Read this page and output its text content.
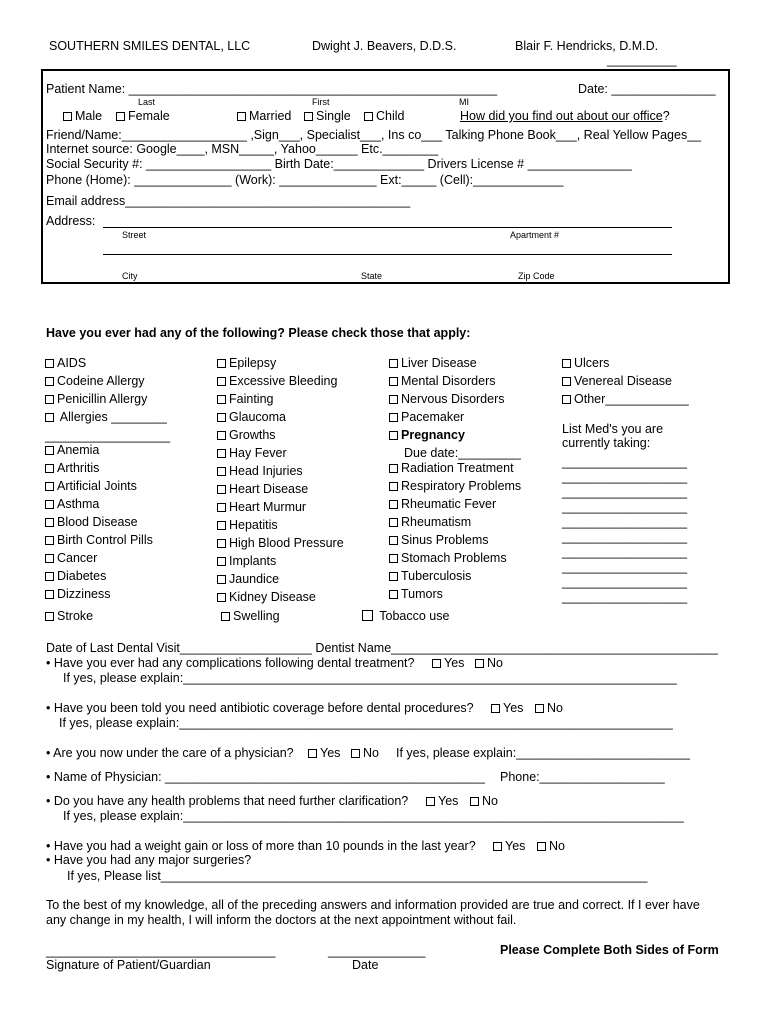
SOUTHERN SMILES DENTAL, LLC	Dwight J. Beavers, D.D.S.	Blair F. Hendricks, D.M.D.
__________
Patient Name: _____________________________________________________	Date: _______________
Last	First	MI
Male	Female	Married	Single	Child	How did you find out about our office?
Friend/Name:__________________ ,Sign___, Specialist___, Ins co___ Talking Phone Book___, Real Yellow Pages__
Internet source: Google____, MSN_____, Yahoo______ Etc.________
Social Security #: __________________ Birth Date:_____________ Drivers License # _______________
Phone (Home): ______________ (Work): ______________ Ext:_____ (Cell):_____________
Email address_________________________________________
Address:
Street	Apartment #
City	State	Zip Code
Have you ever had any of the following? Please check those that apply:
AIDS
Codeine Allergy
Penicillin Allergy
Allergies ________
__________________
Anemia
Arthritis
Artificial Joints
Asthma
Blood Disease
Birth Control Pills
Cancer
Diabetes
Dizziness
Stroke
Epilepsy
Excessive Bleeding
Fainting
Glaucoma
Growths
Hay Fever
Head Injuries
Heart Disease
Heart Murmur
Hepatitis
High Blood Pressure
Implants
Jaundice
Kidney Disease
Swelling
Liver Disease
Mental Disorders
Nervous Disorders
Pacemaker
Pregnancy
Due date:_________
Radiation Treatment
Respiratory Problems
Rheumatic Fever
Rheumatism
Sinus Problems
Stomach Problems
Tuberculosis
Tumors
Tobacco use
Ulcers
Venereal Disease
Other____________
List Med's you are
currently taking:
__________________
__________________
__________________
__________________
__________________
__________________
__________________
__________________
__________________
__________________
Date of Last Dental Visit___________________ Dentist Name_______________________________________________
• Have you ever had any complications following dental treatment?	Yes	No
If yes, please explain:_______________________________________________________________________
• Have you been told you need antibiotic coverage before dental procedures?	Yes	No
If yes, please explain:_______________________________________________________________________
• Are you now under the care of a physician?	Yes	No If yes, please explain:_________________________
• Name of Physician: ______________________________________________ Phone:__________________
• Do you have any health problems that need further clarification?	Yes	No
If yes, please explain:________________________________________________________________________
• Have you had a weight gain or loss of more than 10 pounds in the last year?	Yes	No
• Have you had any major surgeries?
If yes, Please list______________________________________________________________________
To the best of my knowledge, all of the preceding answers and information provided are true and correct. If I ever have
any change in my health, I will inform the doctors at the next appointment without fail.
_________________________________	______________	Please Complete Both Sides of Form
Signature of Patient/Guardian	Date
